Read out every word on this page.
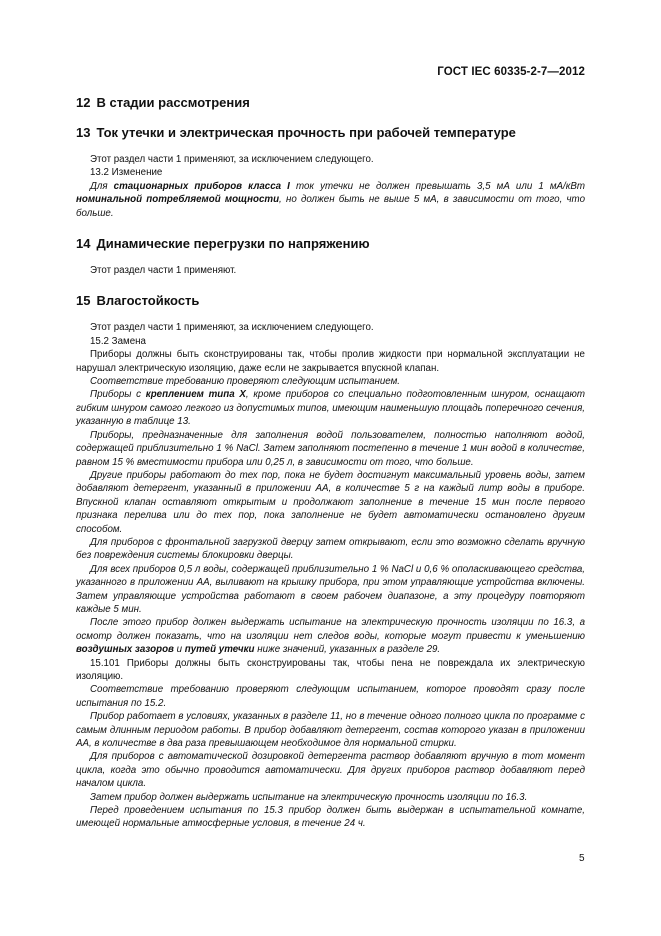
ГОСТ IEC 60335-2-7—2012
12 В стадии рассмотрения
13 Ток утечки и электрическая прочность при рабочей температуре

Этот раздел части 1 применяют, за исключением следующего.

13.2 Изменение

Для стационарных приборов класса I ток утечки не должен превышать 3,5 мА или 1 мА/кВт номинальной потребляемой мощности, но должен быть не выше 5 мА, в зависимости от того, что больше.

14 Динамические перегрузки по напряжению

Этот раздел части 1 применяют.

15 Влагостойкость

Этот раздел части 1 применяют, за исключением следующего.

15.2 Замена

Приборы должны быть сконструированы так, чтобы пролив жидкости при нормальной эксплуатации не нарушал электрическую изоляцию, даже если не закрывается впускной клапан.

Соответствие требованию проверяют следующим испытанием.

Приборы с креплением типа X, кроме приборов со специально подготовленным шнуром, оснащают гибким шнуром самого легкого из допустимых типов, имеющим наименьшую площадь поперечного сечения, указанную в таблице 13.

Приборы, предназначенные для заполнения водой пользователем, полностью наполняют водой, содержащей приблизительно 1 % NaCl. Затем заполняют постепенно в течение 1 мин водой в количестве, равном 15 % вместимости прибора или 0,25 л, в зависимости от того, что больше.

Другие приборы работают до тех пор, пока не будет достигнут максимальный уровень воды, затем добавляют детергент, указанный в приложении АА, в количестве 5 г на каждый литр воды в приборе. Впускной клапан оставляют открытым и продолжают заполнение в течение 15 мин после первого признака перелива или до тех пор, пока заполнение не будет автоматически остановлено другим способом.

Для приборов с фронтальной загрузкой дверцу затем открывают, если это возможно сделать вручную без повреждения системы блокировки дверцы.

Для всех приборов 0,5 л воды, содержащей приблизительно 1 % NaCl и 0,6 % ополаскивающего средства, указанного в приложении АА, выливают на крышку прибора, при этом управляющие устройства включены. Затем управляющие устройства работают в своем рабочем диапазоне, а эту процедуру повторяют каждые 5 мин.

После этого прибор должен выдержать испытание на электрическую прочность изоляции по 16.3, а осмотр должен показать, что на изоляции нет следов воды, которые могут привести к уменьшению воздушных зазоров и путей утечки ниже значений, указанных в разделе 29.

15.101 Приборы должны быть сконструированы так, чтобы пена не повреждала их электрическую изоляцию.

Соответствие требованию проверяют следующим испытанием, которое проводят сразу после испытания по 15.2.

Прибор работает в условиях, указанных в разделе 11, но в течение одного полного цикла по программе с самым длинным периодом работы. В прибор добавляют детергент, состав которого указан в приложении АА, в количестве в два раза превышающем необходимое для нормальной стирки.

Для приборов с автоматической дозировкой детергента раствор добавляют вручную в тот момент цикла, когда это обычно проводится автоматически. Для других приборов раствор добавляют перед началом цикла.

Затем прибор должен выдержать испытание на электрическую прочность изоляции по 16.3.

Перед проведением испытания по 15.3 прибор должен быть выдержан в испытательной комнате, имеющей нормальные атмосферные условия, в течение 24 ч.

5
